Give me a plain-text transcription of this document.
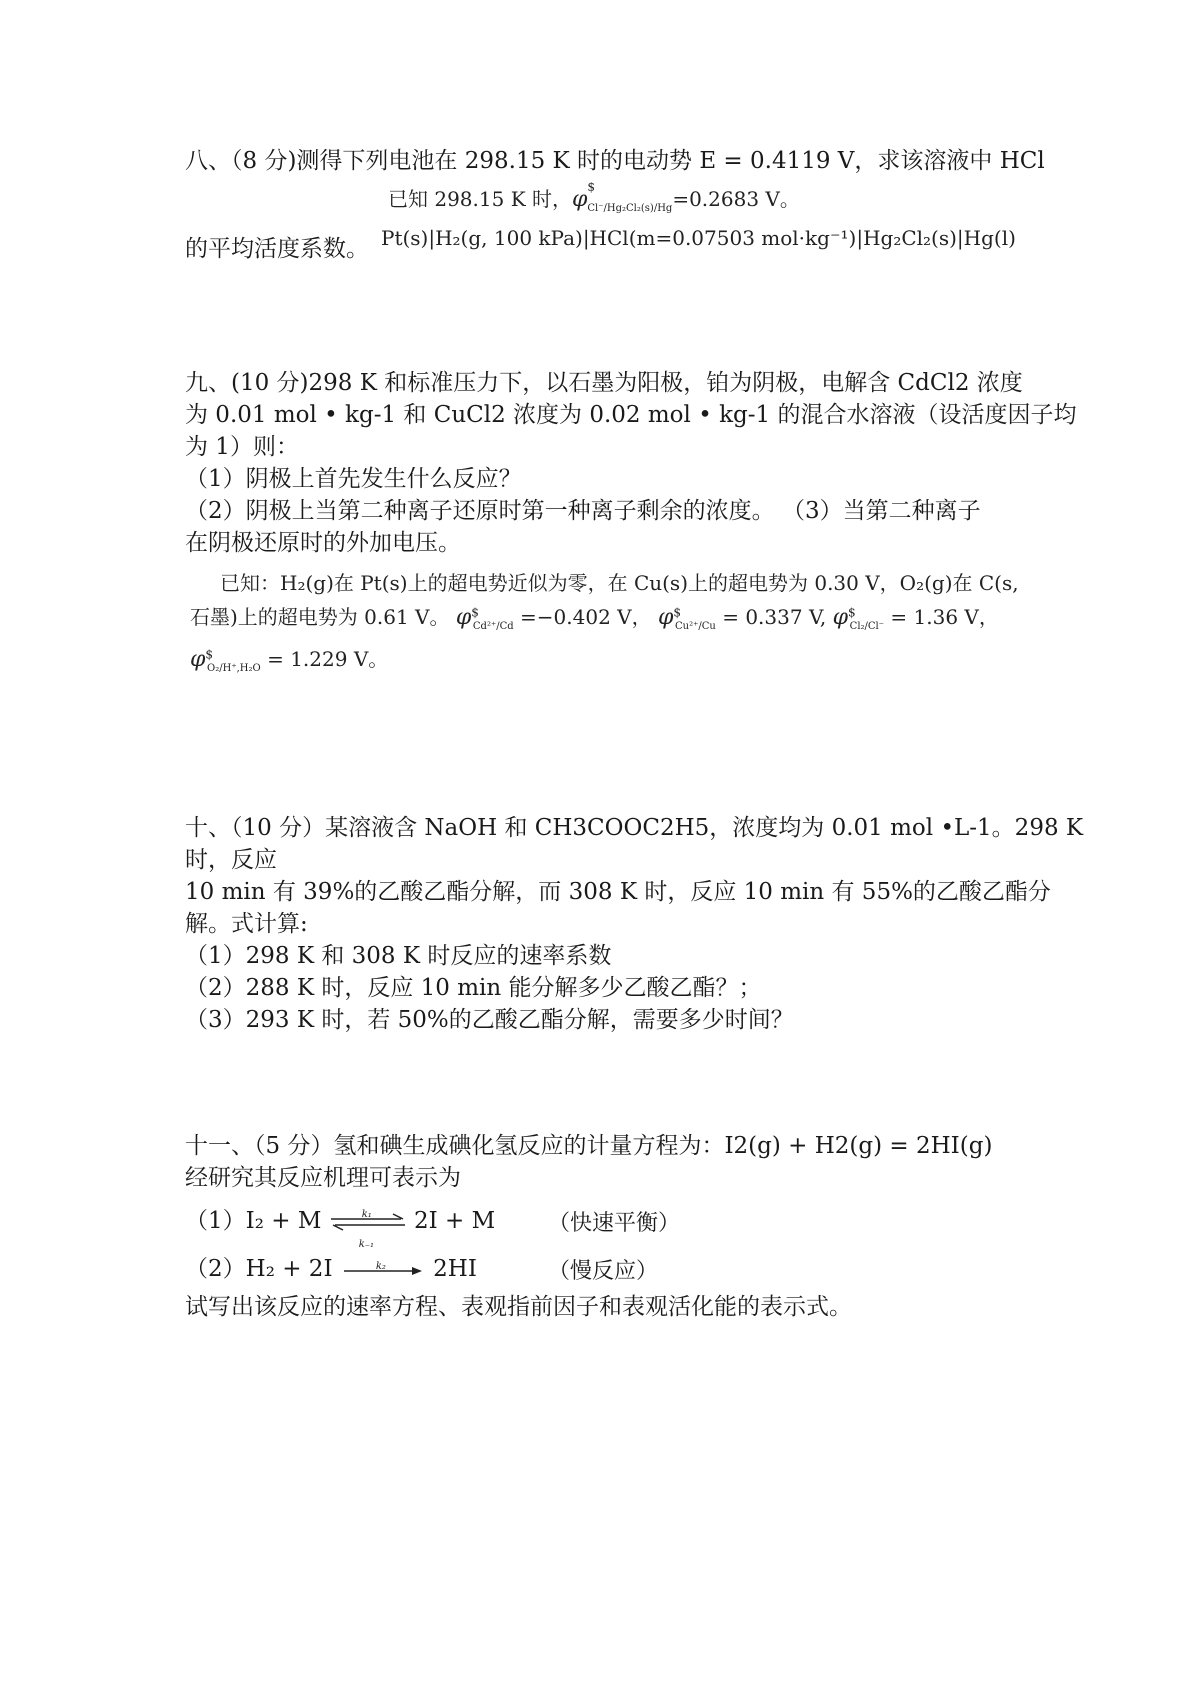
八、（8 分)测得下列电池在 298.15 K 时的电动势 E = 0.4119 V，求该溶液中 HCl
已知 298.15 K 时，φ
$
$_{Cl^-/Hg_2Cl_2(s)/Hg}$=0.2683 V。
的平均活度系数。 Pt(s)|H₂(g, 100 kPa)|HCl(m=0.07503 mol·kg⁻¹)|Hg₂Cl₂(s)|Hg(l)
九、(10 分)298 K 和标准压力下，以石墨为阳极，铂为阴极，电解含 CdCl2 浓度
为 0.01 mol • kg-1 和 CuCl2 浓度为 0.02 mol • kg-1 的混合水溶液（设活度因子均
为 1）则：
（1）阴极上首先发生什么反应？
（2）阴极上当第二种离子还原时第一种离子剩余的浓度。 （3）当第二种离子
在阴极还原时的外加电压。
已知：H₂(g)在 Pt(s)上的超电势近似为零，在 Cu(s)上的超电势为 0.30 V，O₂(g)在 C(s,
石墨)上的超电势为 0.61 V。 $\varphi^{\$}_{Cd^{2+}/Cd} =-0.402$ V， $\varphi^{\$}_{Cu^{2+}/Cu} = 0.337$ V, $\varphi^{\$}_{Cl_2/Cl^-} = 1.36$ V，
$\varphi^{\$}_{O_2/H^+,H_2O} = 1.229$ V。
十、（10 分）某溶液含 NaOH 和 CH3COOC2H5，浓度均为 0.01 mol •L-1。298 K
时，反应
10 min 有 39%的乙酸乙酯分解，而 308 K 时，反应 10 min 有 55%的乙酸乙酯分
解。式计算:
（1）298 K 和 308 K 时反应的速率系数
（2）288 K 时，反应 10 min 能分解多少乙酸乙酯？；
（3）293 K 时，若 50%的乙酸乙酯分解，需要多少时间？
十一、（5 分）氢和碘生成碘化氢反应的计量方程为：I2(g) + H2(g) = 2HI(g)
经研究其反应机理可表示为
（1）I₂ + M	k₁
k₋₁
2I + M （快速平衡）
（2）H₂ + 2I	k₂ 2HI	（慢反应）
试写出该反应的速率方程、表观指前因子和表观活化能的表示式。
